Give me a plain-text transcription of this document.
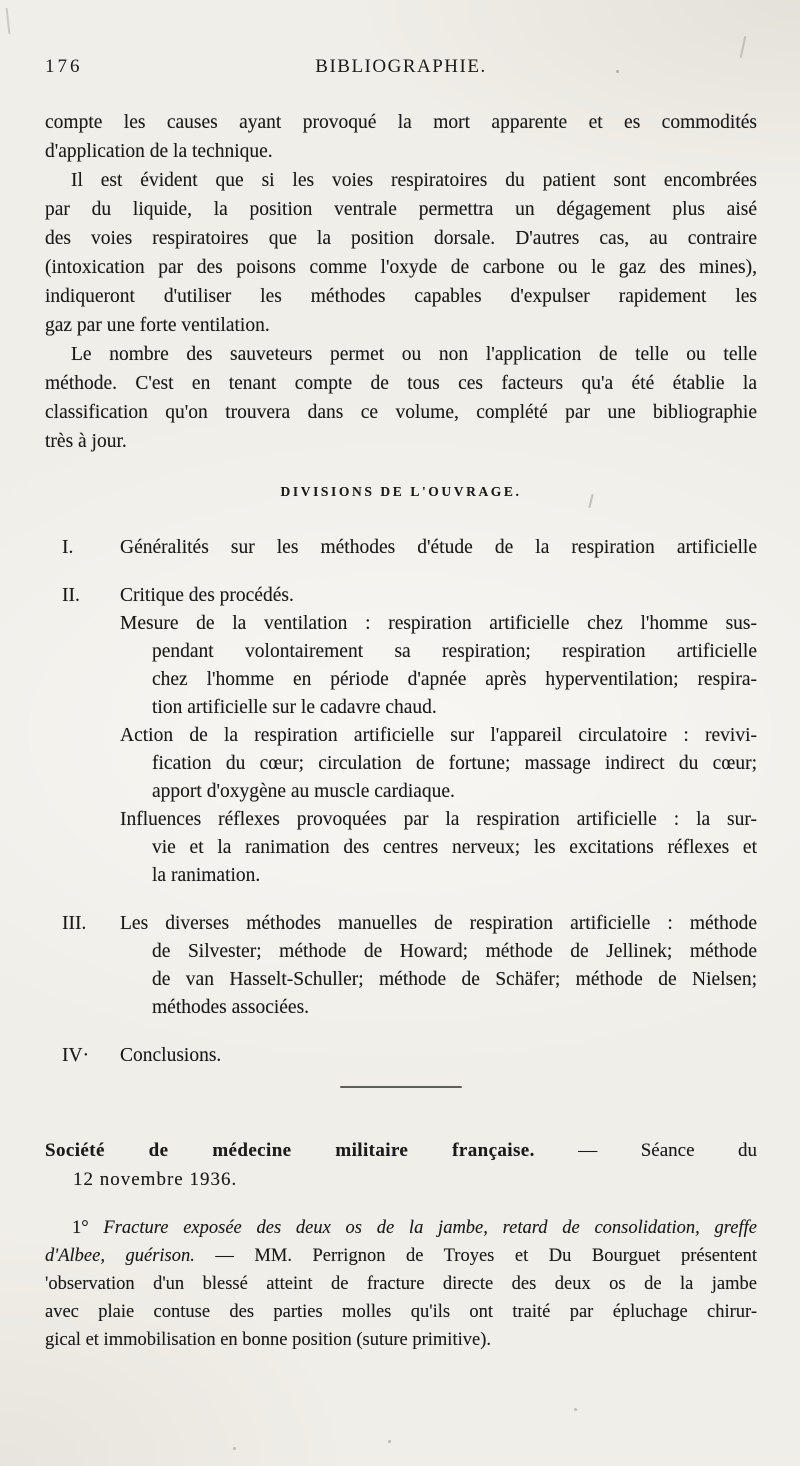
176	BIBLIOGRAPHIE.
compte les causes ayant provoqué la mort apparente et es commodités
d'application de la technique.
Il est évident que si les voies respiratoires du patient sont encombrées
par du liquide, la position ventrale permettra un dégagement plus aisé
des voies respiratoires que la position dorsale. D'autres cas, au contraire
(intoxication par des poisons comme l'oxyde de carbone ou le gaz des mines),
indiqueront d'utiliser les méthodes capables d'expulser rapidement les
gaz par une forte ventilation.
Le nombre des sauveteurs permet ou non l'application de telle ou telle
méthode. C'est en tenant compte de tous ces facteurs qu'a été établie la
classification qu'on trouvera dans ce volume, complété par une bibliographie
très à jour.
DIVISIONS DE L'OUVRAGE.
I.	Généralités sur les méthodes d'étude de la respiration artificielle
II.	Critique des procédés.
Mesure de la ventilation : respiration artificielle chez l'homme sus-
pendant volontairement sa respiration; respiration artificielle
chez l'homme en période d'apnée après hyperventilation; respira-
tion artificielle sur le cadavre chaud.
Action de la respiration artificielle sur l'appareil circulatoire : revivi-
fication du cœur; circulation de fortune; massage indirect du cœur;
apport d'oxygène au muscle cardiaque.
Influences réflexes provoquées par la respiration artificielle : la sur-
vie et la ranimation des centres nerveux; les excitations réflexes et
la ranimation.
III.	Les diverses méthodes manuelles de respiration artificielle : méthode
de Silvester; méthode de Howard; méthode de Jellinek; méthode
de van Hasselt-Schuller; méthode de Schäfer; méthode de Nielsen;
méthodes associées.
IV·	Conclusions.
Société de médecine militaire française. — Séance du
12 novembre 1936.
1° Fracture exposée des deux os de la jambe, retard de consolidation, greffe
d'Albee, guérison. — MM. Perrignon de Troyes et Du Bourguet présentent
'observation d'un blessé atteint de fracture directe des deux os de la jambe
avec plaie contuse des parties molles qu'ils ont traité par épluchage chirur-
gical et immobilisation en bonne position (suture primitive).
